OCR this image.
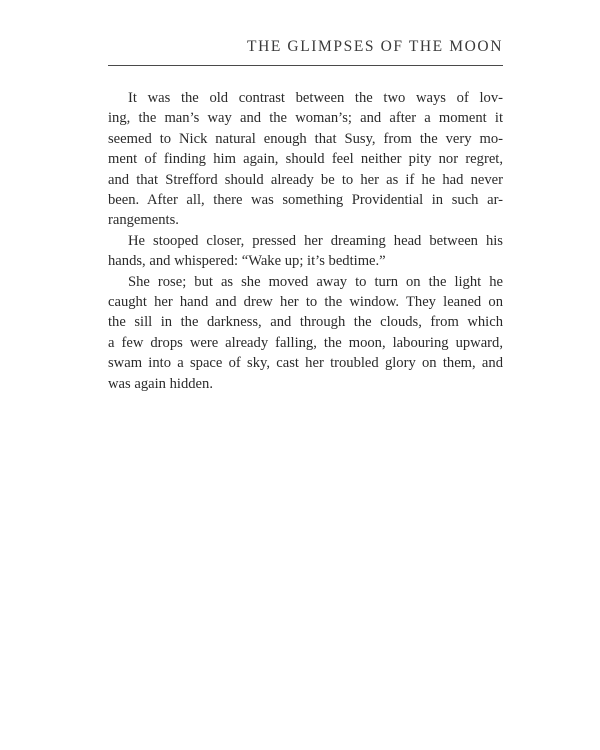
THE GLIMPSES OF THE MOON

It was the old contrast between the two ways of lov-
ing, the man’s way and the woman’s; and after a moment it
seemed to Nick natural enough that Susy, from the very mo-
ment of finding him again, should feel neither pity nor regret,
and that Strefford should already be to her as if he had never
been. After all, there was something Providential in such ar-
rangements.

He stooped closer, pressed her dreaming head between his
hands, and whispered: “Wake up; it’s bedtime.”

She rose; but as she moved away to turn on the light he
caught her hand and drew her to the window. They leaned on
the sill in the darkness, and through the clouds, from which
a few drops were already falling, the moon, labouring upward,
swam into a space of sky, cast her troubled glory on them, and
was again hidden.
